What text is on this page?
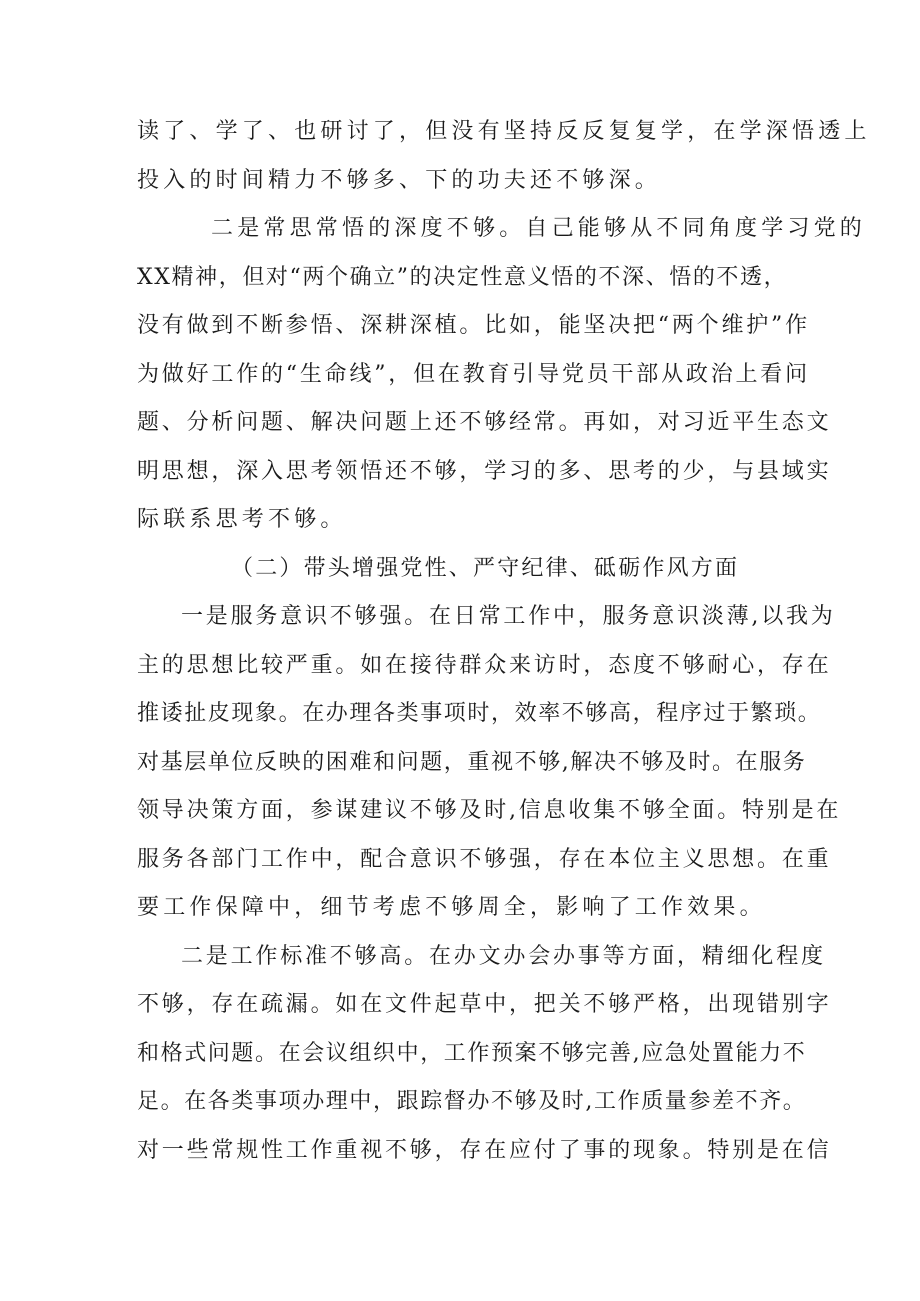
读了、学了、也研讨了，但没有坚持反反复复学，在学深悟透上
投入的时间精力不够多、下的功夫还不够深。
二是常思常悟的深度不够。自己能够从不同角度学习党的
XX精神，但对“两个确立”的决定性意义悟的不深、悟的不透，
没有做到不断参悟、深耕深植。比如，能坚决把“两个维护”作
为做好工作的“生命线”，但在教育引导党员干部从政治上看问
题、分析问题、解决问题上还不够经常。再如，对习近平生态文
明思想，深入思考领悟还不够，学习的多、思考的少，与县域实
际联系思考不够。
（二）带头增强党性、严守纪律、砥砺作风方面
一是服务意识不够强。在日常工作中，服务意识淡薄,以我为
主的思想比较严重。如在接待群众来访时，态度不够耐心，存在
推诿扯皮现象。在办理各类事项时，效率不够高，程序过于繁琐。
对基层单位反映的困难和问题，重视不够,解决不够及时。在服务
领导决策方面，参谋建议不够及时,信息收集不够全面。特别是在
服务各部门工作中，配合意识不够强，存在本位主义思想。在重
要工作保障中，细节考虑不够周全，影响了工作效果。
二是工作标准不够高。在办文办会办事等方面，精细化程度
不够，存在疏漏。如在文件起草中，把关不够严格，出现错别字
和格式问题。在会议组织中，工作预案不够完善,应急处置能力不
足。在各类事项办理中，跟踪督办不够及时,工作质量参差不齐。
对一些常规性工作重视不够，存在应付了事的现象。特别是在信
